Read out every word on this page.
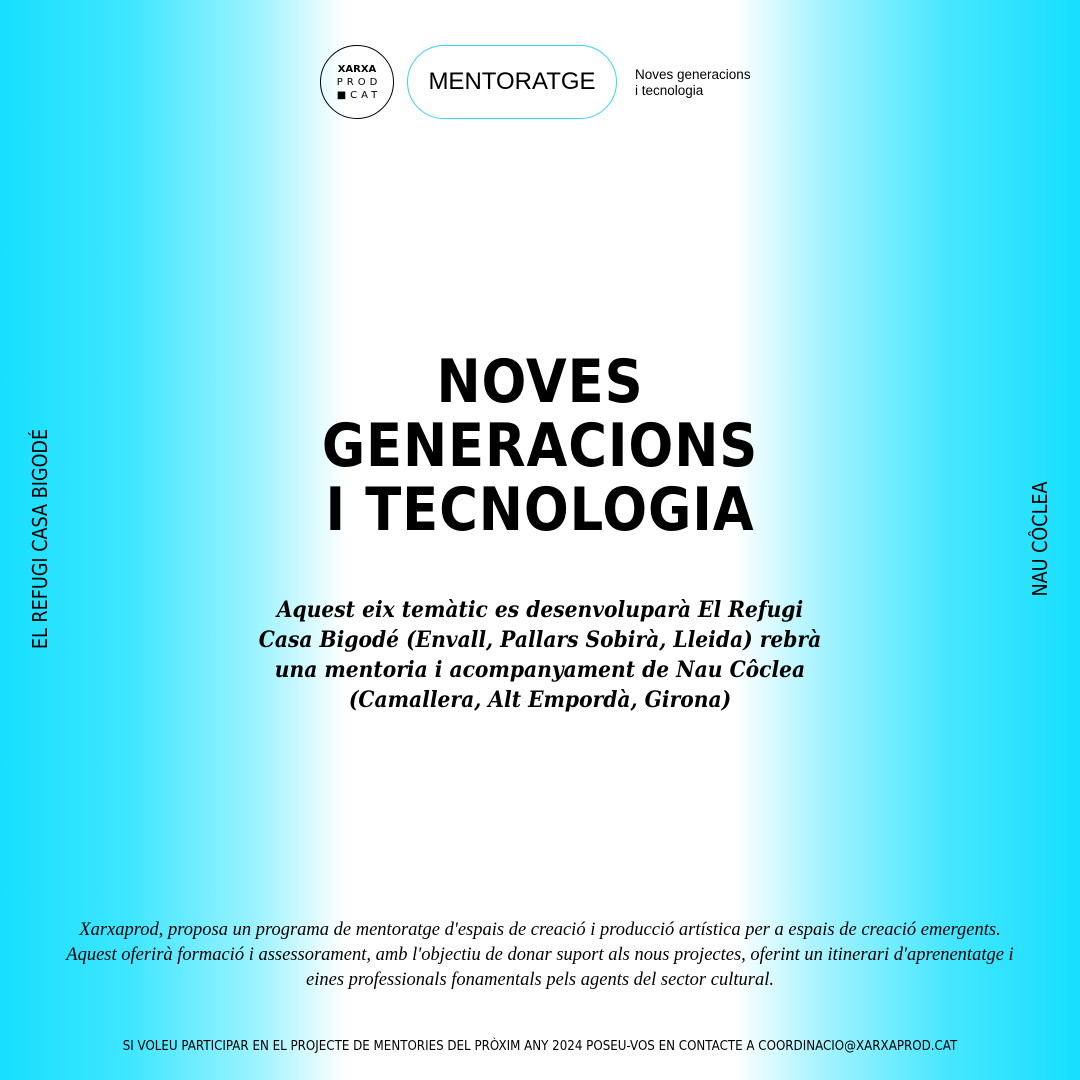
XARXA
PROD
■CAT	MENTORATGE	Noves generacions
i tecnologia
NOVES
GENERACIONS
I TECNOLOGIA
Aquest eix temàtic es desenvoluparà El Refugi Casa Bigodé (Envall, Pallars Sobirà, Lleida) rebrà una mentoria i acompanyament de Nau Côclea (Camallera, Alt Empordà, Girona)
Xarxaprod, proposa un programa de mentoratge d'espais de creació i producció artística per a espais de creació emergents. Aquest oferirà formació i assessorament, amb l'objectiu de donar suport als nous projectes, oferint un itinerari d'aprenentatge i eines professionals fonamentals pels agents del sector cultural.
SI VOLEU PARTICIPAR EN EL PROJECTE DE MENTORIES DEL PRÒXIM ANY 2024 POSEU-VOS EN CONTACTE A COORDINACIO@XARXAPROD.CAT
EL REFUGI CASA BIGODÉ	NAU CÔCLEA
